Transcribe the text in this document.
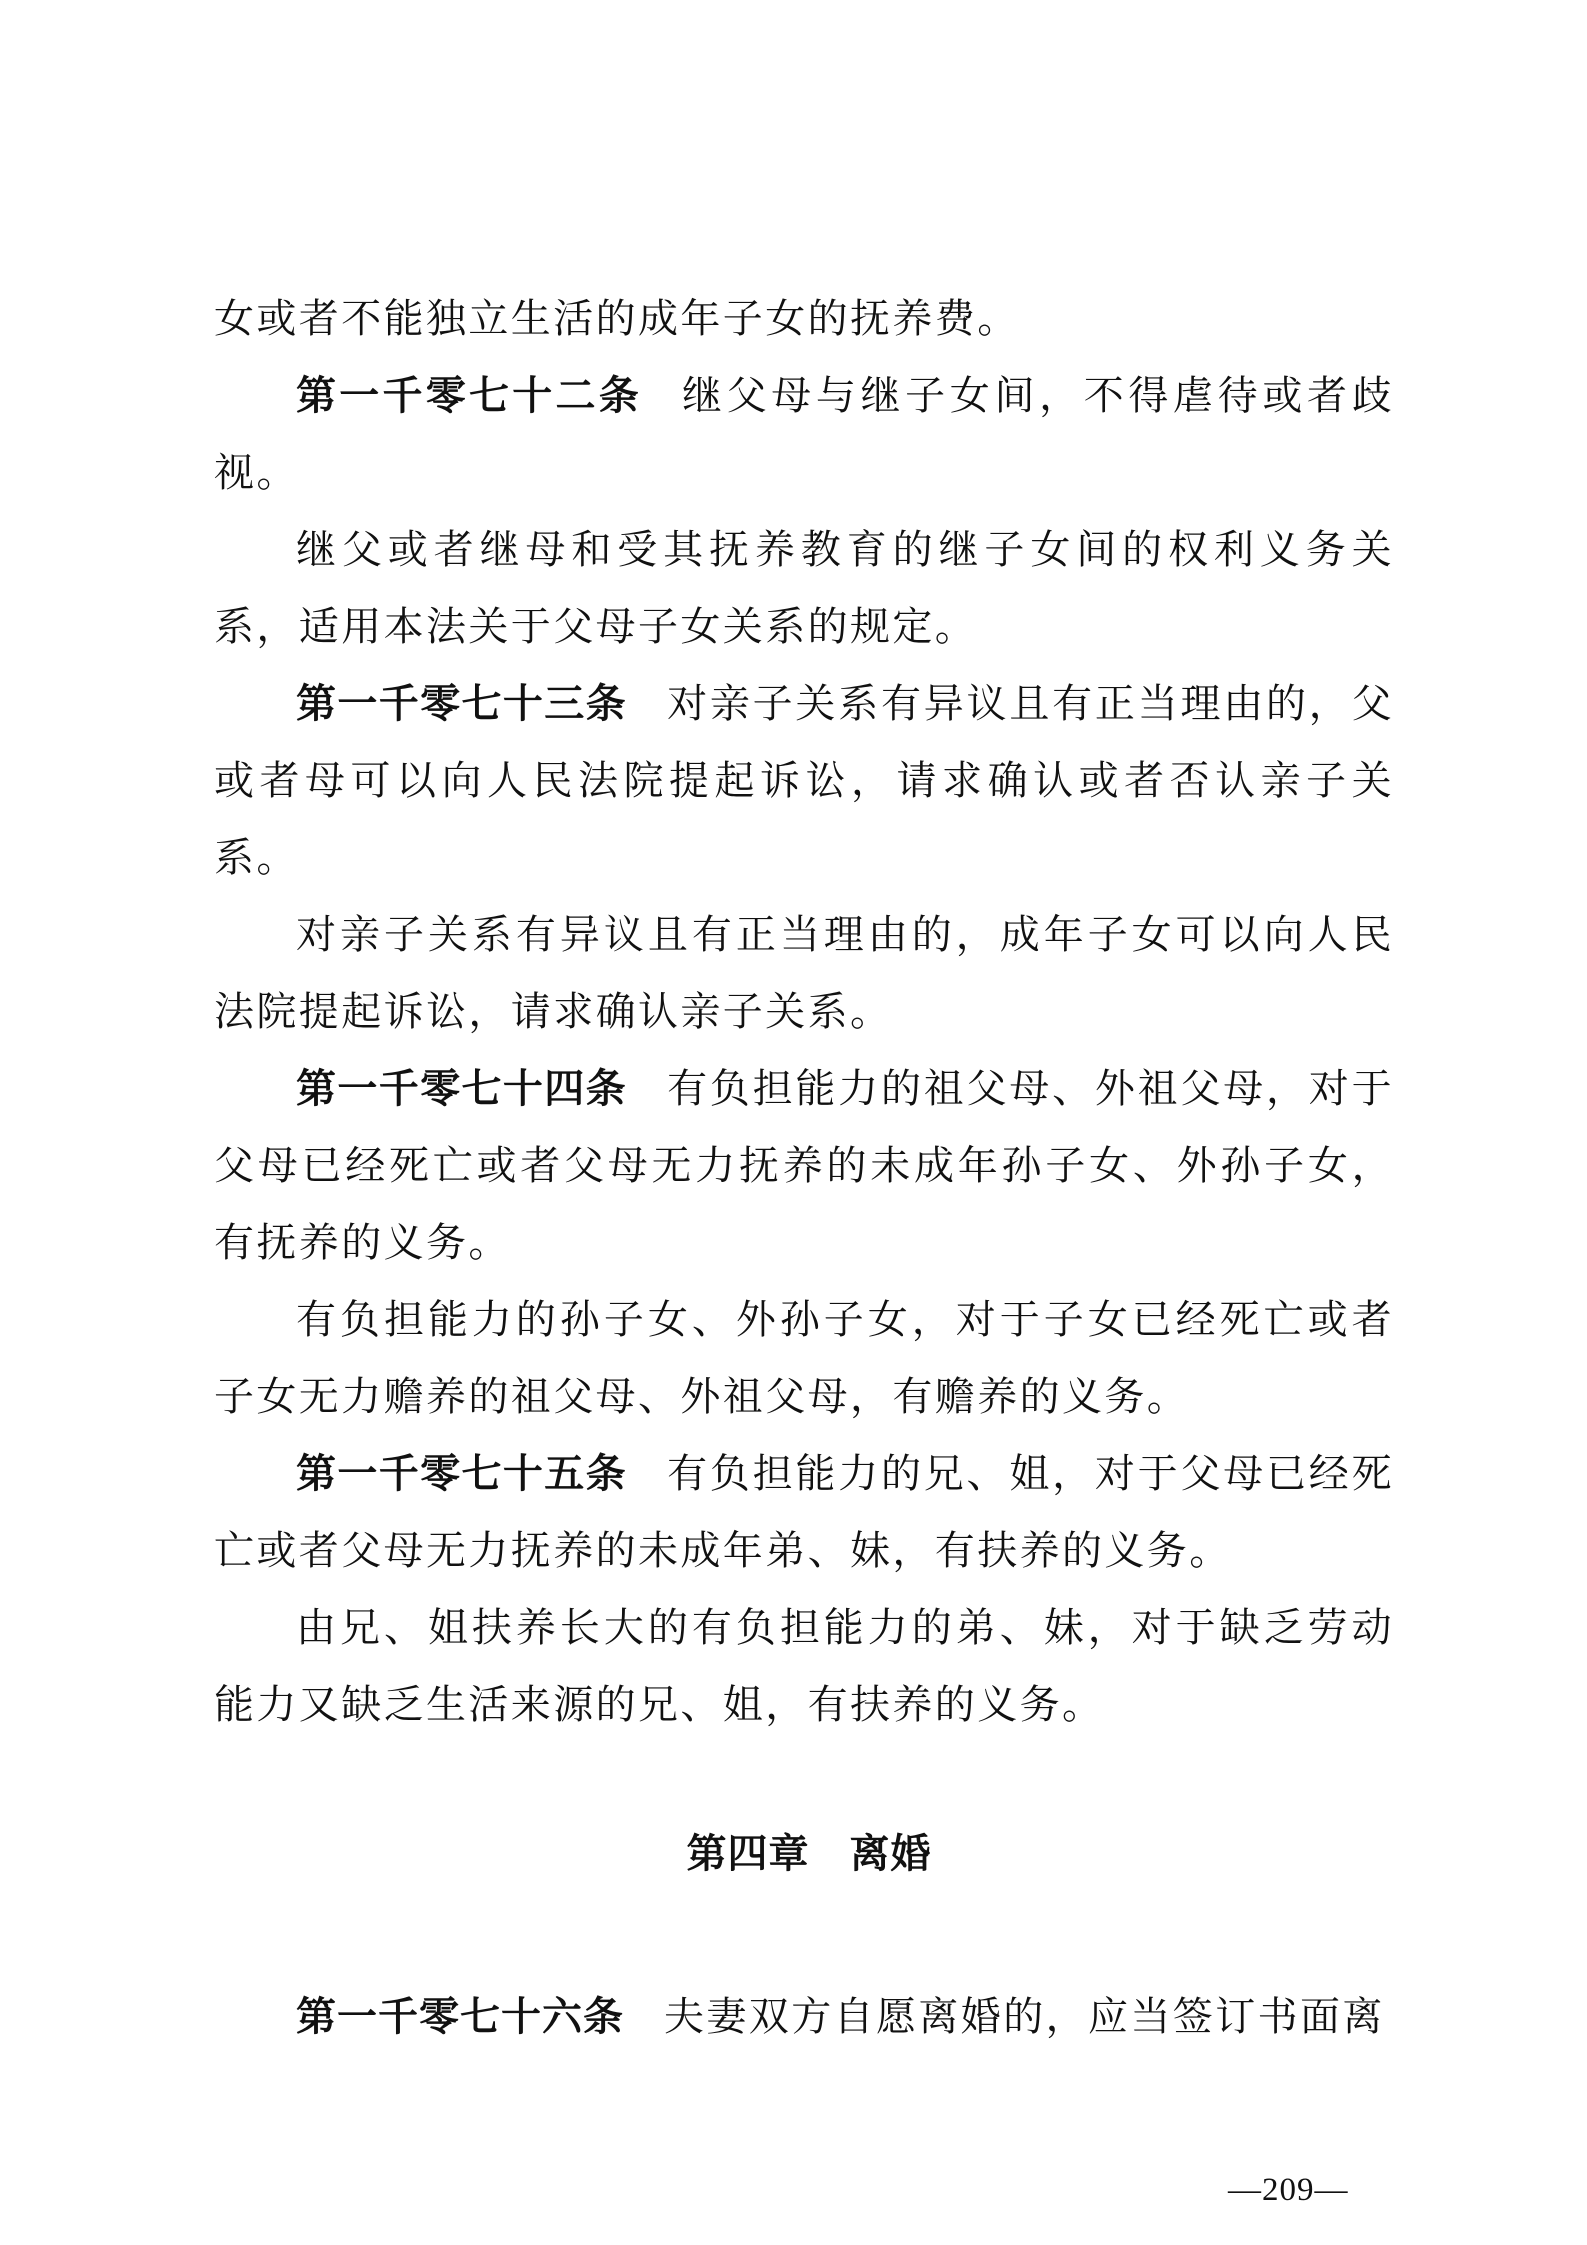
女或者不能独立生活的成年子女的抚养费。

第一千零七十二条 继父母与继子女间，不得虐待或者歧视。

继父或者继母和受其抚养教育的继子女间的权利义务关系，适用本法关于父母子女关系的规定。

第一千零七十三条 对亲子关系有异议且有正当理由的，父或者母可以向人民法院提起诉讼，请求确认或者否认亲子关系。

对亲子关系有异议且有正当理由的，成年子女可以向人民法院提起诉讼，请求确认亲子关系。

第一千零七十四条 有负担能力的祖父母、外祖父母，对于父母已经死亡或者父母无力抚养的未成年孙子女、外孙子女，有抚养的义务。

有负担能力的孙子女、外孙子女，对于子女已经死亡或者子女无力赡养的祖父母、外祖父母，有赡养的义务。

第一千零七十五条 有负担能力的兄、姐，对于父母已经死亡或者父母无力抚养的未成年弟、妹，有扶养的义务。

由兄、姐扶养长大的有负担能力的弟、妹，对于缺乏劳动能力又缺乏生活来源的兄、姐，有扶养的义务。

第四章 离婚

第一千零七十六条 夫妻双方自愿离婚的，应当签订书面离

—209—
